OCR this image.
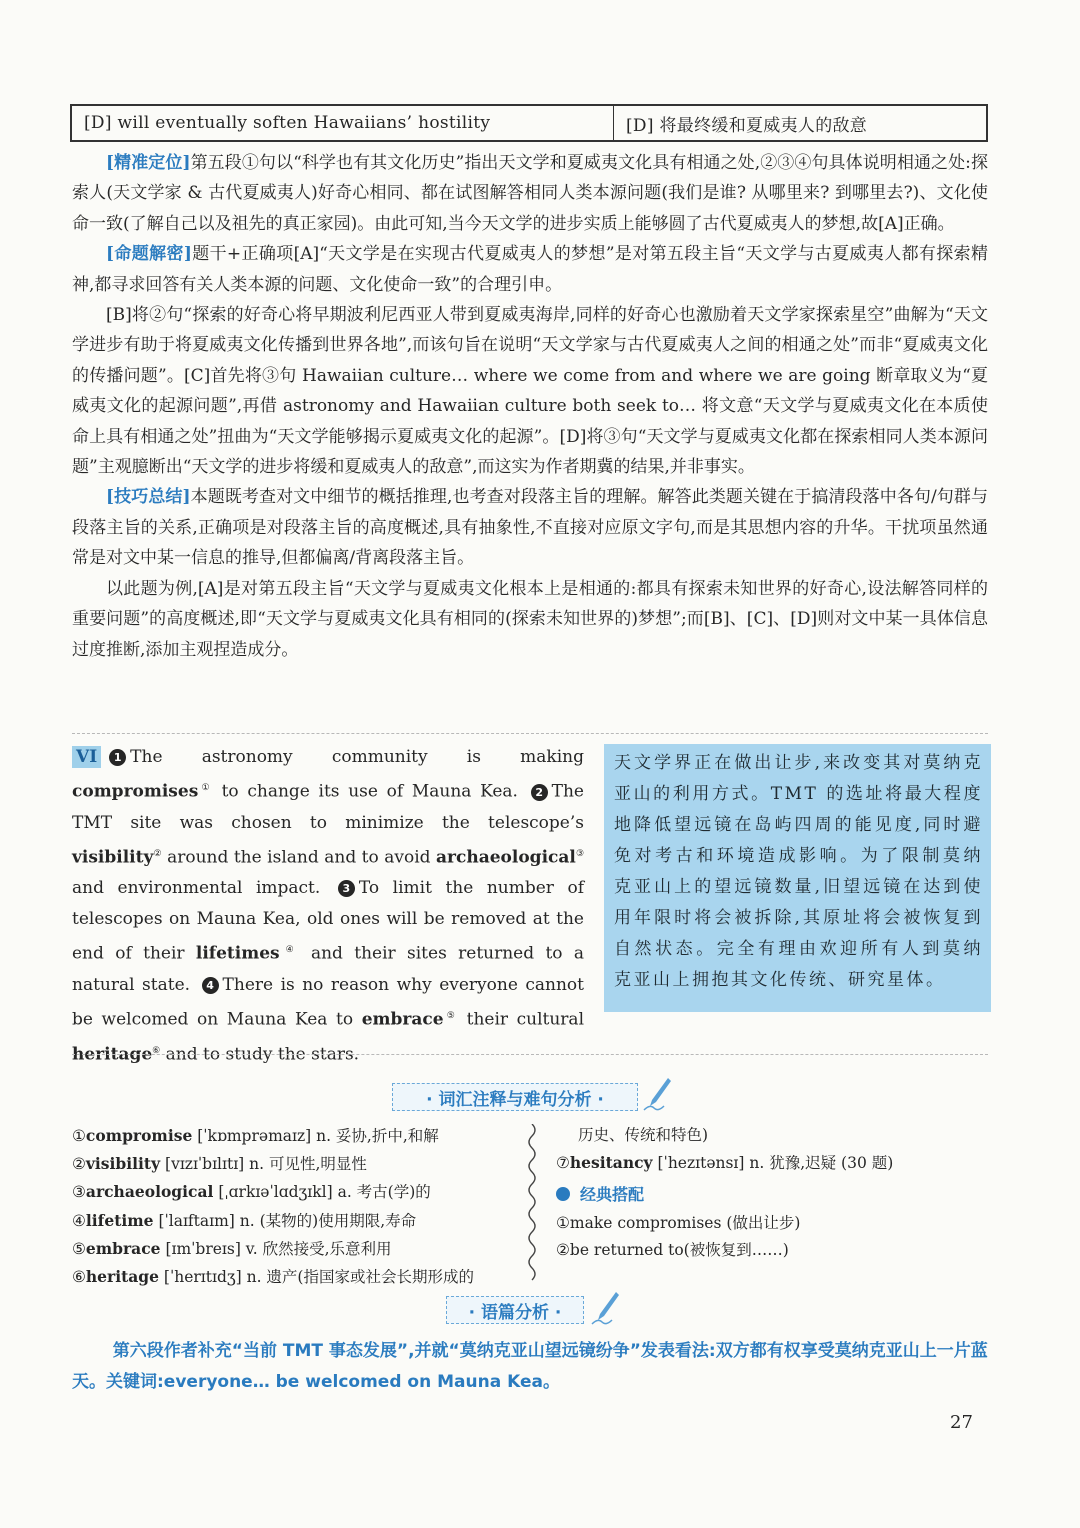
[D] will eventually soften Hawaiians’ hostility	[D] 将最终缓和夏威夷人的敌意

[精准定位]第五段①句以“科学也有其文化历史”指出天文学和夏威夷文化具有相通之处,②③④句具体说明相通之处:探索人(天文学家 & 古代夏威夷人)好奇心相同、都在试图解答相同人类本源问题(我们是谁? 从哪里来? 到哪里去?)、文化使命一致(了解自己以及祖先的真正家园)。由此可知,当今天文学的进步实质上能够圆了古代夏威夷人的梦想,故[A]正确。

[命题解密]题干+正确项[A]“天文学是在实现古代夏威夷人的梦想”是对第五段主旨“天文学与古夏威夷人都有探索精神,都寻求回答有关人类本源的问题、文化使命一致”的合理引申。

[B]将②句“探索的好奇心将早期波利尼西亚人带到夏威夷海岸,同样的好奇心也激励着天文学家探索星空”曲解为“天文学进步有助于将夏威夷文化传播到世界各地”,而该句旨在说明“天文学家与古代夏威夷人之间的相通之处”而非“夏威夷文化的传播问题”。[C]首先将③句 Hawaiian culture… where we come from and where we are going 断章取义为“夏威夷文化的起源问题”,再借 astronomy and Hawaiian culture both seek to… 将文意“天文学与夏威夷文化在本质使命上具有相通之处”扭曲为“天文学能够揭示夏威夷文化的起源”。[D]将③句“天文学与夏威夷文化都在探索相同人类本源问题”主观臆断出“天文学的进步将缓和夏威夷人的敌意”,而这实为作者期冀的结果,并非事实。

[技巧总结]本题既考查对文中细节的概括推理,也考查对段落主旨的理解。解答此类题关键在于搞清段落中各句/句群与段落主旨的关系,正确项是对段落主旨的高度概述,具有抽象性,不直接对应原文字句,而是其思想内容的升华。干扰项虽然通常是对文中某一信息的推导,但都偏离/背离段落主旨。

以此题为例,[A]是对第五段主旨“天文学与夏威夷文化根本上是相通的:都具有探索未知世界的好奇心,设法解答同样的重要问题”的高度概述,即“天文学与夏威夷文化具有相同的(探索未知世界的)梦想”;而[B]、[C]、[D]则对文中某一具体信息过度推断,添加主观捏造成分。

VI 1 The astronomy community is making compromises① to change its use of Mauna Kea. 2 The TMT site was chosen to minimize the telescope’s visibility② around the island and to avoid archaeological③ and environmental impact. 3 To limit the number of telescopes on Mauna Kea, old ones will be removed at the end of their lifetimes④ and their sites returned to a natural state. 4 There is no reason why everyone cannot be welcomed on Mauna Kea to embrace⑤ their cultural heritage⑥ and to study the stars.
天文学界正在做出让步,来改变其对莫纳克亚山的利用方式。TMT 的选址将最大程度地降低望远镜在岛屿四周的能见度,同时避免对考古和环境造成影响。为了限制莫纳克亚山上的望远镜数量,旧望远镜在达到使用年限时将会被拆除,其原址将会被恢复到自然状态。完全有理由欢迎所有人到莫纳克亚山上拥抱其文化传统、研究星体。
· 词汇注释与难句分析 ·
①compromise [ˈkɒmprəmaɪz] n. 妥协,折中,和解
②visibility [vɪzɪˈbɪlɪtɪ] n. 可见性,明显性
③archaeological [ˌɑrkɪəˈlɑdʒɪkl] a. 考古(学)的
④lifetime [ˈlaɪftaɪm] n. (某物的)使用期限,寿命
⑤embrace [ɪmˈbreɪs] v. 欣然接受,乐意利用
⑥heritage [ˈherɪtɪdʒ] n. 遗产(指国家或社会长期形成的
历史、传统和特色)
⑦hesitancy [ˈhezɪtənsɪ] n. 犹豫,迟疑 (30 题)
经典搭配
①make compromises (做出让步)
②be returned to(被恢复到……)
· 语篇分析 ·

第六段作者补充“当前 TMT 事态发展”,并就“莫纳克亚山望远镜纷争”发表看法:双方都有权享受莫纳克亚山上一片蓝天。关键词:everyone… be welcomed on Mauna Kea。

27
